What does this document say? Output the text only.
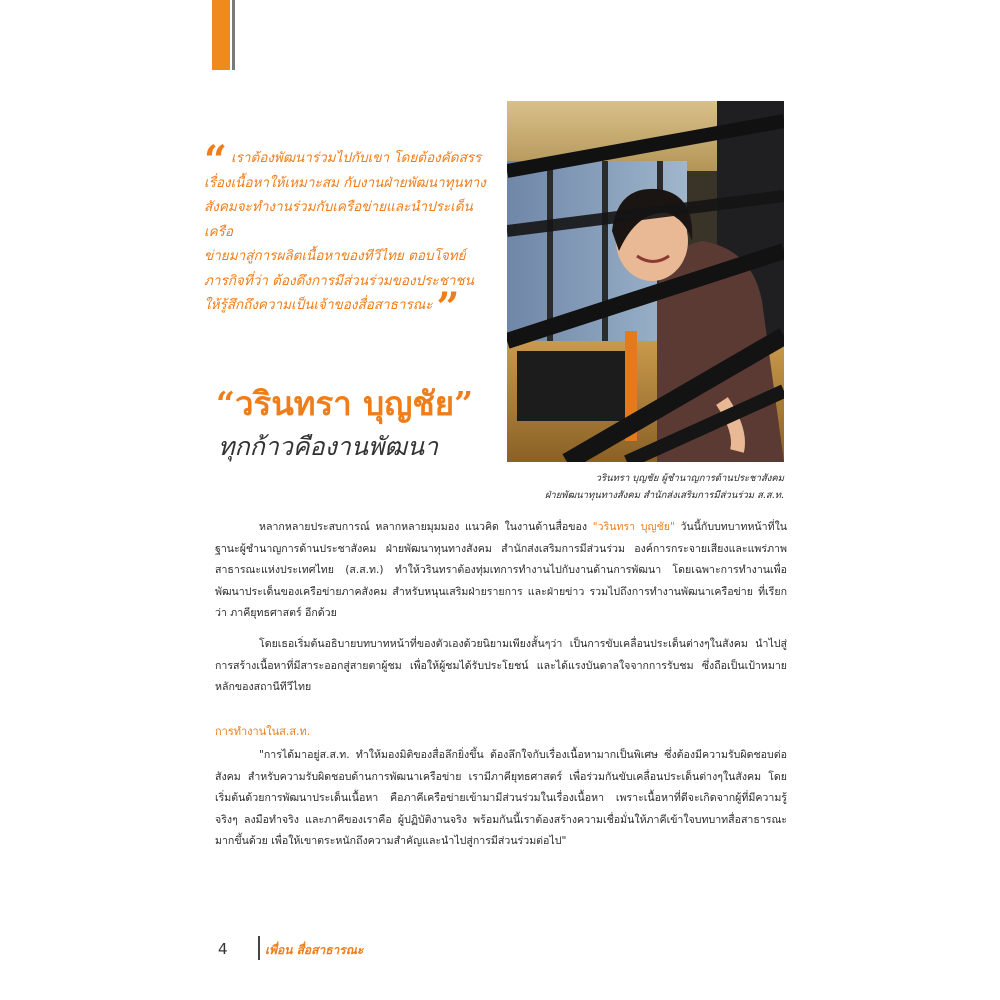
“ เราต้องพัฒนาร่วมไปกับเขา โดยต้องคัดสรร
เรื่องเนื้อหาให้เหมาะสม กับงานฝ่ายพัฒนาทุนทาง
สังคมจะทำงานร่วมกับเครือข่ายและนำประเด็นเครือ
ข่ายมาสู่การผลิตเนื้อหาของทีวีไทย ตอบโจทย์
ภารกิจที่ว่า ต้องดึงการมีส่วนร่วมของประชาชน
ให้รู้สึกถึงความเป็นเจ้าของสื่อสาธารณะ ”
วรินทรา บุญชัย ผู้ชำนาญการด้านประชาสังคม
ฝ่ายพัฒนาทุนทางสังคม สำนักส่งเสริมการมีส่วนร่วม ส.ส.ท.
“วรินทรา บุญชัย”
ทุกก้าวคืองานพัฒนา

หลากหลายประสบการณ์ หลากหลายมุมมอง แนวคิด ในงานด้านสื่อของ "วรินทรา บุญชัย" วันนี้กับบทบาทหน้าที่ในฐานะผู้ชำนาญการด้านประชาสังคม ฝ่ายพัฒนาทุนทางสังคม สำนักส่งเสริมการมีส่วนร่วม องค์การกระจายเสียงและแพร่ภาพสาธารณะแห่งประเทศไทย (ส.ส.ท.) ทำให้วรินทราต้องทุ่มเทการทำงานไปกับงานด้านการพัฒนา โดยเฉพาะการทำงานเพื่อพัฒนาประเด็นของเครือข่ายภาคสังคม สำหรับหนุนเสริมฝ่ายรายการ และฝ่ายข่าว รวมไปถึงการทำงานพัฒนาเครือข่าย ที่เรียกว่า ภาคียุทธศาสตร์ อีกด้วย

โดยเธอเริ่มต้นอธิบายบทบาทหน้าที่ของตัวเองด้วยนิยามเพียงสั้นๆว่า เป็นการขับเคลื่อนประเด็นต่างๆในสังคม นำไปสู่การสร้างเนื้อหาที่มีสาระออกสู่สายตาผู้ชม เพื่อให้ผู้ชมได้รับประโยชน์ และได้แรงบันดาลใจจากการรับชม ซึ่งถือเป็นเป้าหมายหลักของสถานีทีวีไทย

การทำงานในส.ส.ท.

"การได้มาอยู่ส.ส.ท. ทำให้มองมิติของสื่อลึกยิ่งขึ้น ต้องลึกใจกับเรื่องเนื้อหามากเป็นพิเศษ ซึ่งต้องมีความรับผิดชอบต่อสังคม สำหรับความรับผิดชอบด้านการพัฒนาเครือข่าย เรามีภาคียุทธศาสตร์ เพื่อร่วมกันขับเคลื่อนประเด็นต่างๆในสังคม โดยเริ่มต้นด้วยการพัฒนาประเด็นเนื้อหา คือภาคีเครือข่ายเข้ามามีส่วนร่วมในเรื่องเนื้อหา เพราะเนื้อหาที่ดีจะเกิดจากผู้ที่มีความรู้จริงๆ ลงมือทำจริง และภาคีของเราคือ ผู้ปฏิบัติงานจริง พร้อมกันนี้เราต้องสร้างความเชื่อมั่นให้ภาคีเข้าใจบทบาทสื่อสาธารณะมากขึ้นด้วย เพื่อให้เขาตระหนักถึงความสำคัญและนำไปสู่การมีส่วนร่วมต่อไป"

4	เพื่อน สื่อสาธารณะ
